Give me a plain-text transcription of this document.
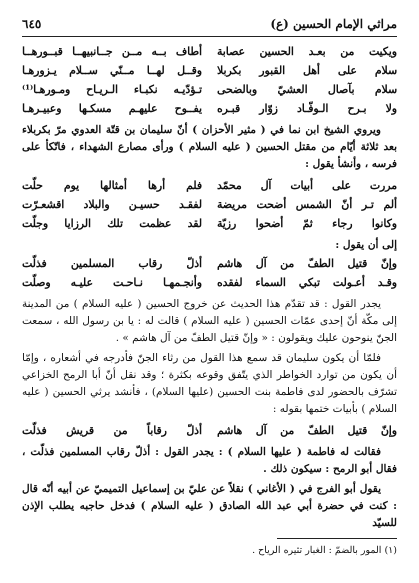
مراثي الإمام الحسين (ع)
٦٤٥
ويكيت من بعـد الحسين عصابة
أطاف بــه مــن جــانبيهــا قبــورهــا
سلام على أهل القبور بكربلا
وقــل لهــا مــنّي ســلام يـزورهـا
سلام بآصال العشيّ وبالضحى
تـؤدّيـه نكبـاء الـريـاح ومـورهـا⁽¹⁾
ولا بـرح الـوفّـاد زوّار قبـره
يفــوح عليهـم مسكـها وعبيـرهـا

ويروي الشيخ ابن نما في ( مثير الأحزان ) أنّ سليمان بن قتّة العدوي مرّ بكربلاء بعد ثلاثة أيّام من مقتل الحسين ( عليه السلام ) ورأى مصارع الشهداء ، فاتّكأ على فرسه ، وأنشأ يقول :

مررت على أبيات آل محمّد
فلم أرها أمثالها يوم حلّت
ألم تـر أنّ الشمس أضحت مريضة
لفقـد حسيـن والبلاد اقشعـرّت
وكانوا رجاء ثمّ أضحوا رزيّة
لقد عظمت تلك الرزايا وجلّت

إلى أن يقول :

وإنّ قتيل الطفّ من آل هاشم
أذلّ رقاب المسلمين فذلّت
وقـد أعـولت تبكي السماء لفقده
وأنجـمهـا نـاحـت عليـه وصلّت

يجدر القول : قد تقدّم هذا الحديث عن خروج الحسين ( عليه السلام ) من المدينة إلى مكّة أنّ إحدى عمّات الحسين ( عليه السلام ) قالت له : يا بن رسول الله ، سمعت الجنّ ينوحون عليك ويقولون : « وإنّ قتيل الطفّ من آل هاشم » .

فلمّا أن يكون سليمان قد سمع هذا القول من رثاء الجنّ فأدرجه في أشعاره ، وإمّا أن يكون من توارد الخواطر الذي يتّفق وقوعه بكثرة ؛ وقد نقل أنّ أبا الرمح الخزاعي تشرّف بالحضور لدى فاطمة بنت الحسين (عليها السلام) ، فأنشد يرثي الحسين ( عليه السلام ) بأبيات ختمها بقوله :

وإنّ قتيل الطفّ من آل هاشم
أذلّ رقاباً من قريش فذلّت

فقالت له فاطمة ( عليها السلام ) : يجدر القول : أذلّ رقاب المسلمين فذلّت ، فقال أبو الرمح : سيكون ذلك .

يقول أبو الفرج في ( الأغاني ) نقلاً عن عليّ بن إسماعيل التميميّ عن أبيه أنّه قال : كنت في حضرة أبي عبد الله الصادق ( عليه السلام ) فدخل حاجبه يطلب الإذن للسيّد

(١) المور بالضمّ : الغبار تثيره الرياح .
